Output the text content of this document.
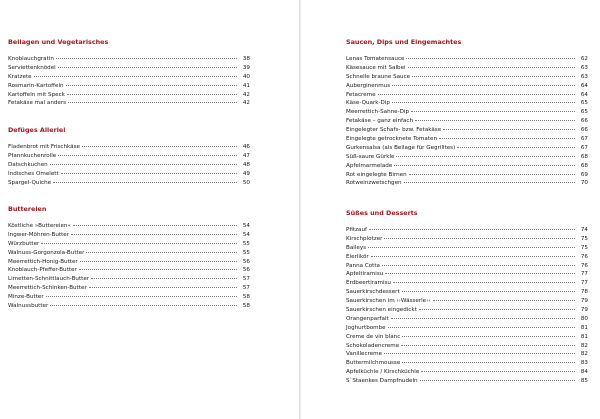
Beilagen und Vegetarisches
Knoblauchgratin	38
Serviettenknödel	39
Kratzete	40
Rosmarin-Kartoffeln	41
Kartoffeln mit Speck	42
Fetakäse mal anders	42
Defüges Allerlei
Fladenbrot mit Frischkäse	46
Pfannkuchenrolle	47
Datschkuchen	48
Indisches Omelett	49
Spargel-Quiche	50
Buttereien
Köstliche »Buttereien«	54
Ingwer-Möhren-Butter	54
Würzbutter	55
Walnuss-Gorgonzola-Butter	55
Meerrettich-Honig-Butter	56
Knoblauch-Pfeffer-Butter	56
Limetten-Schnittlauch-Butter	57
Meerrettich-Schinken-Butter	57
Minze-Butter	58
Walnussbutter	58
Saucen, Dips und Eingemachtes
Lenas Tomatensauce	62
Käsesauce mit Salbei	63
Schnelle braune Sauce	63
Auberginenmus	64
Fetacreme	64
Käse-Quark-Dip	65
Meerrettich-Sahne-Dip	65
Fetakäse – ganz einfach	66
Eingelegter Schafs- bzw. Fetakäse	66
Eingelegte getrocknete Tomaten	67
Gurkensalsa (als Beilage für Gegrilltes)	67
Süß-saure Gürkle	68
Apfelmarmelade	68
Rot eingelegte Birnen	69
Rotweinzwetschgen	70
Süßes und Desserts
Pfitzauf	74
Kirschplotzer	75
Baileys	75
Eierlikör	76
Panna Cotta	76
Apfeltiramisu	77
Erdbeertiramisu	77
Sauerkirschdessert	78
Sauerkirschen im ››Wässerle‹‹	79
Sauerkirschen eingedickt	79
Orangenparfait	80
Joghurtbombe	81
Creme de vin blanc	81
Schokoladencreme	82
Vanillecreme	82
Buttermilchmousse	83
Apfelküchle / Kirschküchle	84
S`Staenkes Dampfnudeln	85
